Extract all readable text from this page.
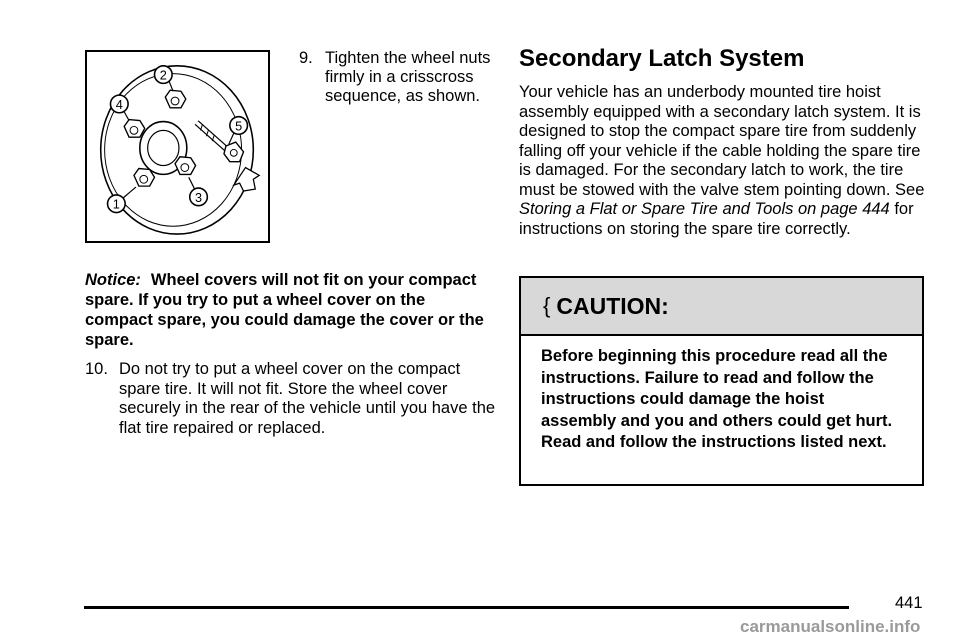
2
4
5
1	3
9. Tighten the wheel nuts firmly in a crisscross sequence, as shown.
Notice: Wheel covers will not fit on your compact spare. If you try to put a wheel cover on the compact spare, you could damage the cover or the spare.
10. Do not try to put a wheel cover on the compact spare tire. It will not fit. Store the wheel cover securely in the rear of the vehicle until you have the flat tire repaired or replaced.
Secondary Latch System
Your vehicle has an underbody mounted tire hoist assembly equipped with a secondary latch system. It is designed to stop the compact spare tire from suddenly falling off your vehicle if the cable holding the spare tire is damaged. For the secondary latch to work, the tire must be stowed with the valve stem pointing down. See Storing a Flat or Spare Tire and Tools on page 444 for instructions on storing the spare tire correctly.
{ CAUTION:
Before beginning this procedure read all the instructions. Failure to read and follow the instructions could damage the hoist assembly and you and others could get hurt. Read and follow the instructions listed next.
441
carmanualsonline.info
